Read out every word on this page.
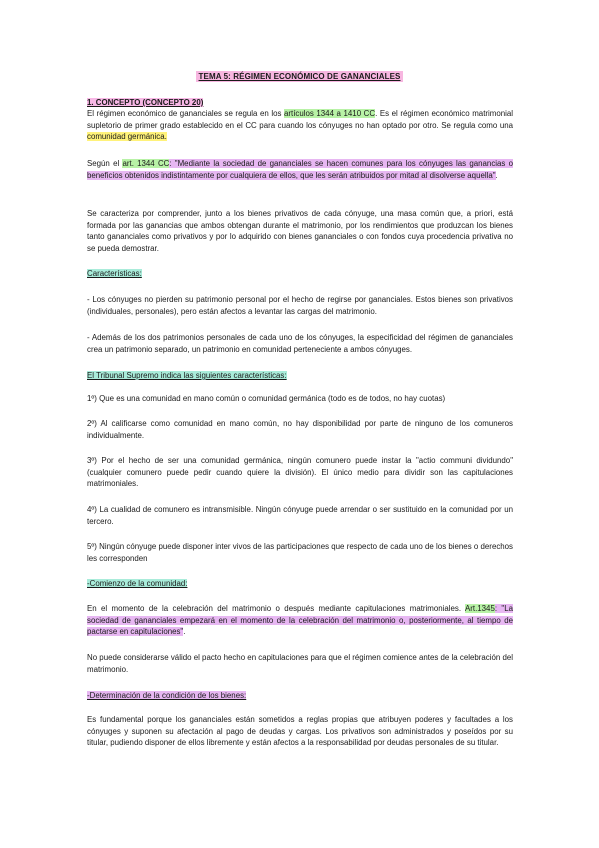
TEMA 5: RÉGIMEN ECONÓMICO DE GANANCIALES
1. CONCEPTO (CONCEPTO 20)
El régimen económico de gananciales se regula en los artículos 1344 a 1410 CC. Es el régimen económico matrimonial supletorio de primer grado establecido en el CC para cuando los cónyuges no han optado por otro. Se regula como una comunidad germánica.
Según el art. 1344 CC: "Mediante la sociedad de gananciales se hacen comunes para los cónyuges las ganancias o beneficios obtenidos indistintamente por cualquiera de ellos, que les serán atribuidos por mitad al disolverse aquella".
Se caracteriza por comprender, junto a los bienes privativos de cada cónyuge, una masa común que, a priori, está formada por las ganancias que ambos obtengan durante el matrimonio, por los rendimientos que produzcan los bienes tanto gananciales como privativos y por lo adquirido con bienes gananciales o con fondos cuya procedencia privativa no se pueda demostrar.
Características:
- Los cónyuges no pierden su patrimonio personal por el hecho de regirse por gananciales. Estos bienes son privativos (individuales, personales), pero están afectos a levantar las cargas del matrimonio.
- Además de los dos patrimonios personales de cada uno de los cónyuges, la especificidad del régimen de gananciales crea un patrimonio separado, un patrimonio en comunidad perteneciente a ambos cónyuges.
El Tribunal Supremo indica las siguientes características:
1º) Que es una comunidad en mano común o comunidad germánica (todo es de todos, no hay cuotas)
2º) Al calificarse como comunidad en mano común, no hay disponibilidad por parte de ninguno de los comuneros individualmente.
3º) Por el hecho de ser una comunidad germánica, ningún comunero puede instar la "actio communi dividundo" (cualquier comunero puede pedir cuando quiere la división). El único medio para dividir son las capitulaciones matrimoniales.
4º) La cualidad de comunero es intransmisible. Ningún cónyuge puede arrendar o ser sustituido en la comunidad por un tercero.
5º) Ningún cónyuge puede disponer inter vivos de las participaciones que respecto de cada uno de los bienes o derechos les corresponden
-Comienzo de la comunidad:
En el momento de la celebración del matrimonio o después mediante capitulaciones matrimoniales. Art.1345: "La sociedad de gananciales empezará en el momento de la celebración del matrimonio o, posteriormente, al tiempo de pactarse en capitulaciones".
No puede considerarse válido el pacto hecho en capitulaciones para que el régimen comience antes de la celebración del matrimonio.
-Determinación de la condición de los bienes:
Es fundamental porque los gananciales están sometidos a reglas propias que atribuyen poderes y facultades a los cónyuges y suponen su afectación al pago de deudas y cargas. Los privativos son administrados y poseídos por su titular, pudiendo disponer de ellos libremente y están afectos a la responsabilidad por deudas personales de su titular.
